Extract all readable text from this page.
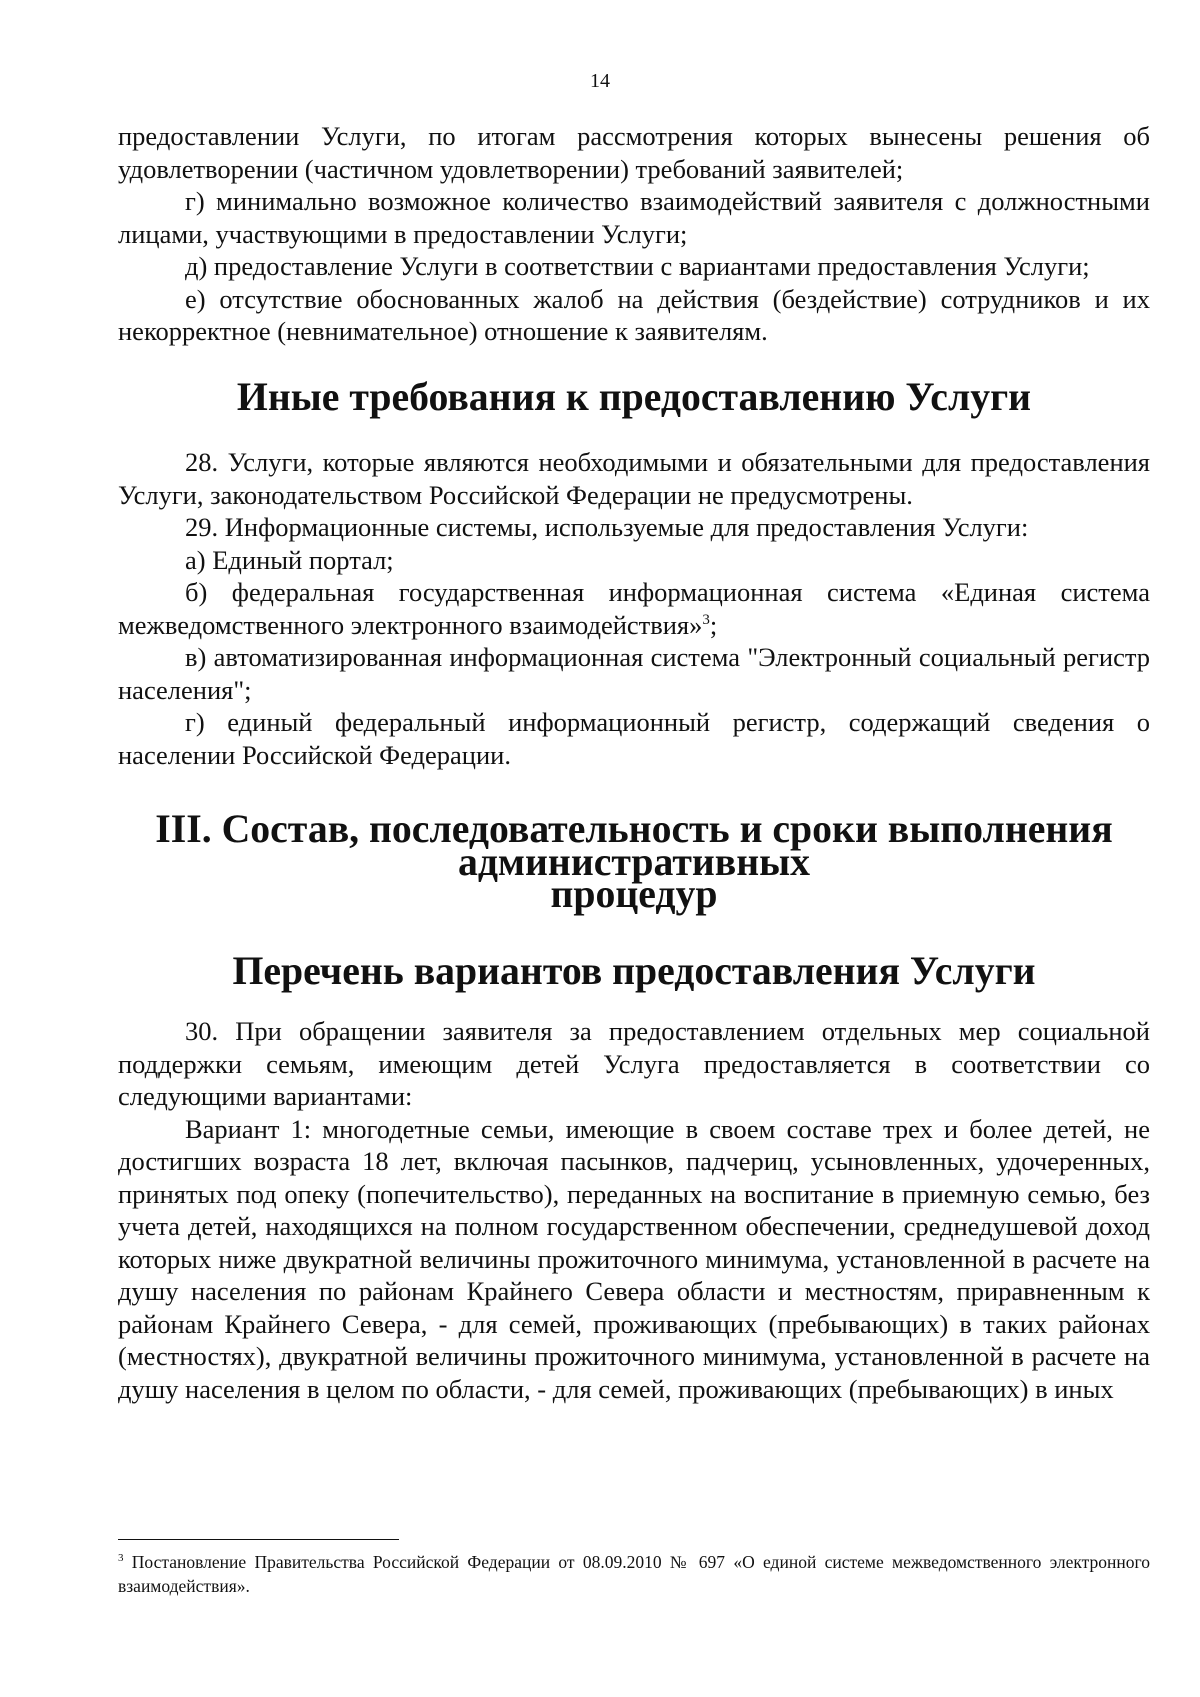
14

предоставлении Услуги, по итогам рассмотрения которых вынесены решения об удовлетворении (частичном удовлетворении) требований заявителей;

г) минимально возможное количество взаимодействий заявителя с должностными лицами, участвующими в предоставлении Услуги;

д) предоставление Услуги в соответствии с вариантами предоставления Услуги;

е) отсутствие обоснованных жалоб на действия (бездействие) сотрудников и их некорректное (невнимательное) отношение к заявителям.

Иные требования к предоставлению Услуги

28. Услуги, которые являются необходимыми и обязательными для предоставления Услуги, законодательством Российской Федерации не предусмотрены.

29. Информационные системы, используемые для предоставления Услуги:

а) Единый портал;

б) федеральная государственная информационная система «Единая система межведомственного электронного взаимодействия»$^3$;

в) автоматизированная информационная система "Электронный социальный регистр населения";

г) единый федеральный информационный регистр, содержащий сведения о населении Российской Федерации.

III. Состав, последовательность и сроки выполнения административных
процедур
Перечень вариантов предоставления Услуги

30. При обращении заявителя за предоставлением отдельных мер социальной поддержки семьям, имеющим детей Услуга предоставляется в соответствии со следующими вариантами:

Вариант 1: многодетные семьи, имеющие в своем составе трех и более детей, не достигших возраста 18 лет, включая пасынков, падчериц, усыновленных, удочеренных, принятых под опеку (попечительство), переданных на воспитание в приемную семью, без учета детей, находящихся на полном государственном обеспечении, среднедушевой доход которых ниже двукратной величины прожиточного минимума, установленной в расчете на душу населения по районам Крайнего Севера области и местностям, приравненным к районам Крайнего Севера, - для семей, проживающих (пребывающих) в таких районах (местностях), двукратной величины прожиточного минимума, установленной в расчете на душу населения в целом по области, - для семей, проживающих (пребывающих) в иных

$^3$ Постановление Правительства Российской Федерации от 08.09.2010 № 697 «О единой системе межведомственного электронного взаимодействия».
